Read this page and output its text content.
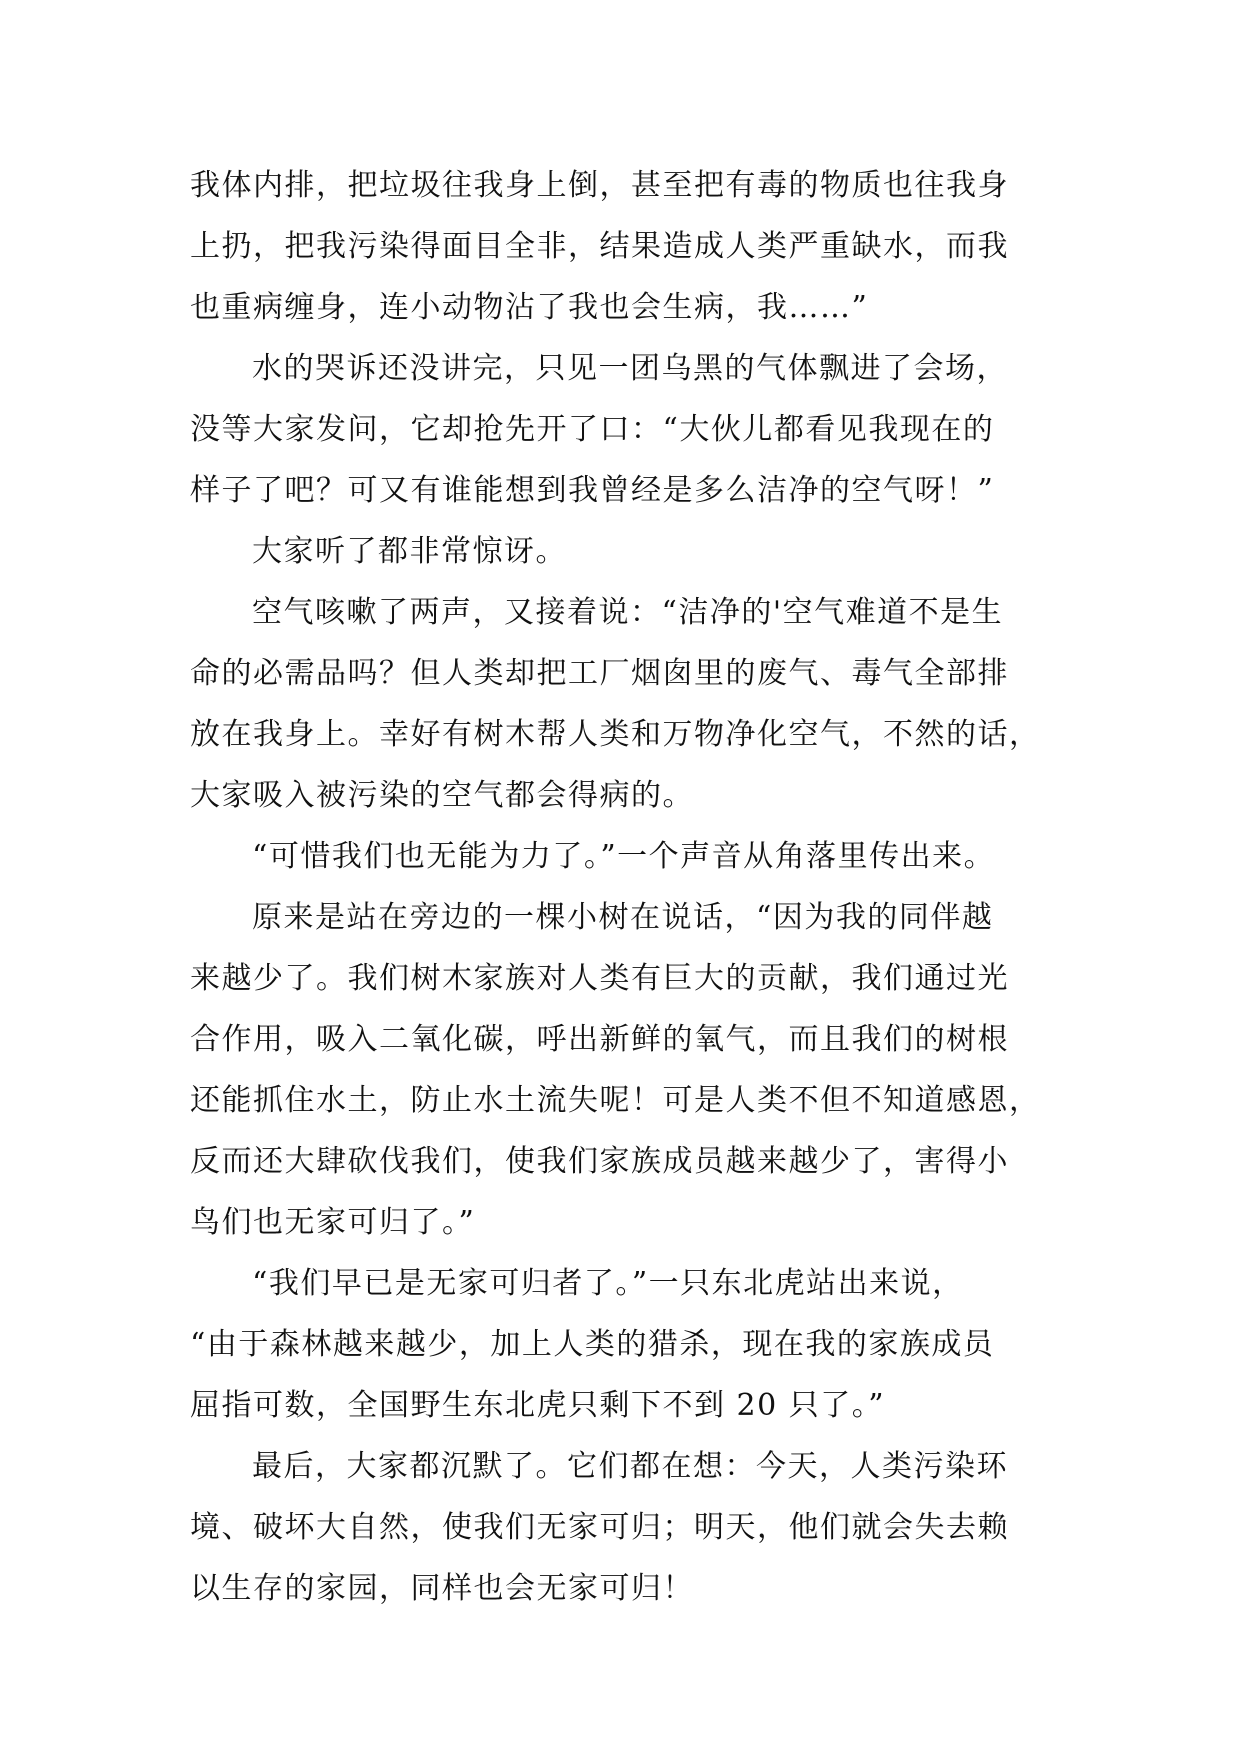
我体内排，把垃圾往我身上倒，甚至把有毒的物质也往我身
上扔，把我污染得面目全非，结果造成人类严重缺水，而我
也重病缠身，连小动物沾了我也会生病，我……”
水的哭诉还没讲完，只见一团乌黑的气体飘进了会场，
没等大家发问，它却抢先开了口：“大伙儿都看见我现在的
样子了吧？可又有谁能想到我曾经是多么洁净的空气呀！”
大家听了都非常惊讶。
空气咳嗽了两声，又接着说：“洁净的'空气难道不是生
命的必需品吗？但人类却把工厂烟囱里的废气、毒气全部排
放在我身上。幸好有树木帮人类和万物净化空气，不然的话，
大家吸入被污染的空气都会得病的。
“可惜我们也无能为力了。”一个声音从角落里传出来。
原来是站在旁边的一棵小树在说话，“因为我的同伴越
来越少了。我们树木家族对人类有巨大的贡献，我们通过光
合作用，吸入二氧化碳，呼出新鲜的氧气，而且我们的树根
还能抓住水土，防止水土流失呢！可是人类不但不知道感恩，
反而还大肆砍伐我们，使我们家族成员越来越少了，害得小
鸟们也无家可归了。”
“我们早已是无家可归者了。”一只东北虎站出来说，
“由于森林越来越少，加上人类的猎杀，现在我的家族成员
屈指可数，全国野生东北虎只剩下不到 20 只了。”
最后，大家都沉默了。它们都在想：今天，人类污染环
境、破坏大自然，使我们无家可归；明天，他们就会失去赖
以生存的家园，同样也会无家可归！
